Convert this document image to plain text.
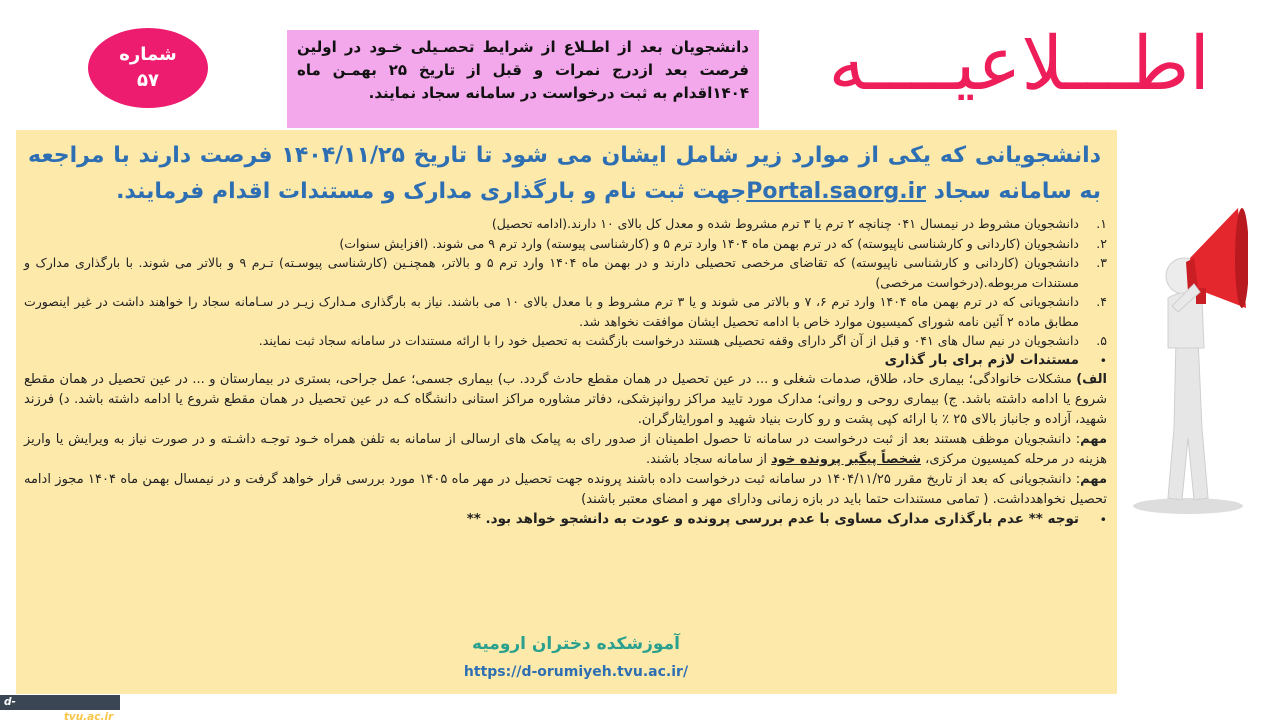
شماره
۵۷
دانشجویان بعد از اطـلاع از شرایط تحصـیلی خـود در اولین فرصت بعد ازدرج نمرات و قبل از تاریخ ۲۵ بهمـن ماه ۱۴۰۴اقدام به ثبت درخواست در سامانه سجاد نمایند.	اطـــلاعیــــه
دانشجویانی که یکی از موارد زیر شامل ایشان می شود تا تاریخ ۱۴۰۴/۱۱/۲۵ فرصت دارند با مراجعه به سامانه سجاد Portal.saorg.irجهت ثبت نام و بارگذاری مدارک و مستندات اقدام فرمایند.
۱.
دانشجویان مشروط در نیمسال ۰۴۱ چنانچه ۲ ترم یا ۳ ترم مشروط شده و معدل کل بالای ۱۰ دارند.(ادامه تحصیل)
۲.
دانشجویان (کاردانی و کارشناسی ناپیوسته) که در ترم بهمن ماه ۱۴۰۴ وارد ترم ۵ و (کارشناسی پیوسته) وارد ترم ۹ می شوند. (افزایش سنوات)
۳.
دانشجویان (کاردانی و کارشناسی ناپیوسته) که تقاضای مرخصی تحصیلی دارند و در بهمن ماه ۱۴۰۴ وارد ترم ۵ و بالاتر، همچنـین (کارشناسی پیوسـته) تـرم ۹ و بالاتر می شوند. با بارگذاری مدارک و مستندات مربوطه.(درخواست مرخصی)
۴.
دانشجویانی که در ترم بهمن ماه ۱۴۰۴ وارد ترم ۶، ۷ و بالاتر می شوند و یا ۳ ترم مشروط و با معدل بالای ۱۰ می باشند. نیاز به بارگذاری مـدارک زیـر در سـامانه سجاد را خواهند داشت در غیر اینصورت مطابق ماده ۲ آئین نامه شورای کمیسیون موارد خاص با ادامه تحصیل ایشان موافقت نخواهد شد.
۵.
دانشجویان در نیم سال های ۰۴۱ و قبل از آن اگر دارای وقفه تحصیلی هستند درخواست بازگشت به تحصیل خود را با ارائه مستندات در سامانه سجاد ثبت نمایند.
•
مستندات لازم برای بار گذاری
الف) مشکلات خانوادگی؛ بیماری حاد، طلاق، صدمات شغلی و ... در عین تحصیل در همان مقطع حادث گردد. ب) بیماری جسمی؛ عمل جراحی، بستری در بیمارستان و ... در عین تحصیل در همان مقطع شروع یا ادامه داشته باشد. ج) بیماری روحی و روانی؛ مدارک مورد تایید مراکز روانپزشکی، دفاتر مشاوره مراکز استانی دانشگاه کـه در عین تحصیل در همان مقطع شروع یا ادامه داشته باشد. د) فرزند شهید، آزاده و جانباز بالای ۲۵ ٪ با ارائه کپی پشت و رو کارت بنیاد شهید و امورایثارگران.
مهم: دانشجویان موظف هستند بعد از ثبت درخواست در سامانه تا حصول اطمینان از صدور رای به پیامک های ارسالی از سامانه به تلفن همراه خـود توجـه داشـته و در صورت نیاز به ویرایش یا واریز هزینه در مرحله کمیسیون مرکزی، شخصاً پیگیر پرونده خود از سامانه سجاد باشند.
مهم: دانشجویانی که بعد از تاریخ مقرر ۱۴۰۴/۱۱/۲۵ در سامانه ثبت درخواست داده باشند پرونده جهت تحصیل در مهر ماه ۱۴۰۵ مورد بررسی قرار خواهد گرفت و در نیمسال بهمن ماه ۱۴۰۴ مجوز ادامه تحصیل نخواهدداشت. ( تمامی مستندات حتما باید در بازه زمانی ودارای مهر و امضای معتبر باشند)
•
توجه ** عدم بارگذاری مدارک مساوی با عدم بررسی پرونده و عودت به دانشجو خواهد بود. **
آموزشکده دختران ارومیه
https://d-orumiyeh.tvu.ac.ir/
d-orumiyeh.tvu.ac.ir
